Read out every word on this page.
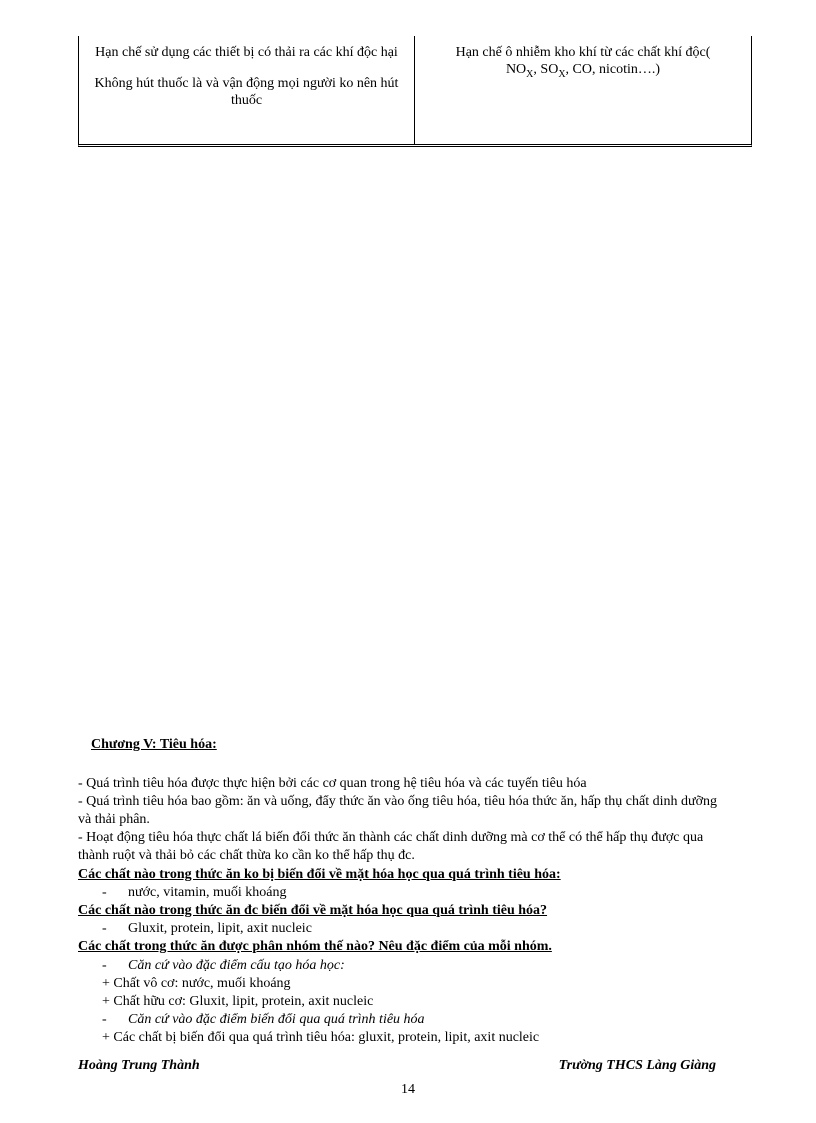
Hạn chế sử dụng các thiết bị có thải ra các khí độc hại

Không hút thuốc là và vận động mọi người ko nên hút thuốc

Hạn chế ô nhiễm kho khí từ các chất khí độc(
$NO_X$, $SO_X$, CO, nicotin….)

Chương V: Tiêu hóa:
- Quá trình tiêu hóa được thực hiện bởi các cơ quan trong hệ tiêu hóa và các tuyến tiêu hóa
- Quá trình tiêu hóa bao gồm: ăn và uống, đẩy thức ăn vào ống tiêu hóa, tiêu hóa thức ăn, hấp thụ chất dinh dưỡng và thải phân.
- Hoạt động tiêu hóa thực chất lá biến đổi thức ăn thành các chất dinh dưỡng mà cơ thể có thể hấp thụ được qua thành ruột và thải bỏ các chất thừa ko cần ko thể hấp thụ đc.
Các chất nào trong thức ăn ko bị biến đổi về mặt hóa học qua quá trình tiêu hóa:
- nước, vitamin, muối khoáng
Các chất nào trong thức ăn đc biến đổi về mặt hóa học qua quá trình tiêu hóa?
- Gluxit, protein, lipit, axit nucleic
Các chất trong thức ăn được phân nhóm thế nào? Nêu đặc điểm của mỗi nhóm.
- Căn cứ vào đặc điểm cấu tạo hóa học:
+ Chất vô cơ: nước, muối khoáng
+ Chất hữu cơ: Gluxit, lipit, protein, axit nucleic
- Căn cứ vào đặc điểm biến đổi qua quá trình tiêu hóa
+ Các chất bị biến đổi qua quá trình tiêu hóa: gluxit, protein, lipit, axit nucleic
Hoàng Trung Thành	Trường THCS Làng Giàng
14
